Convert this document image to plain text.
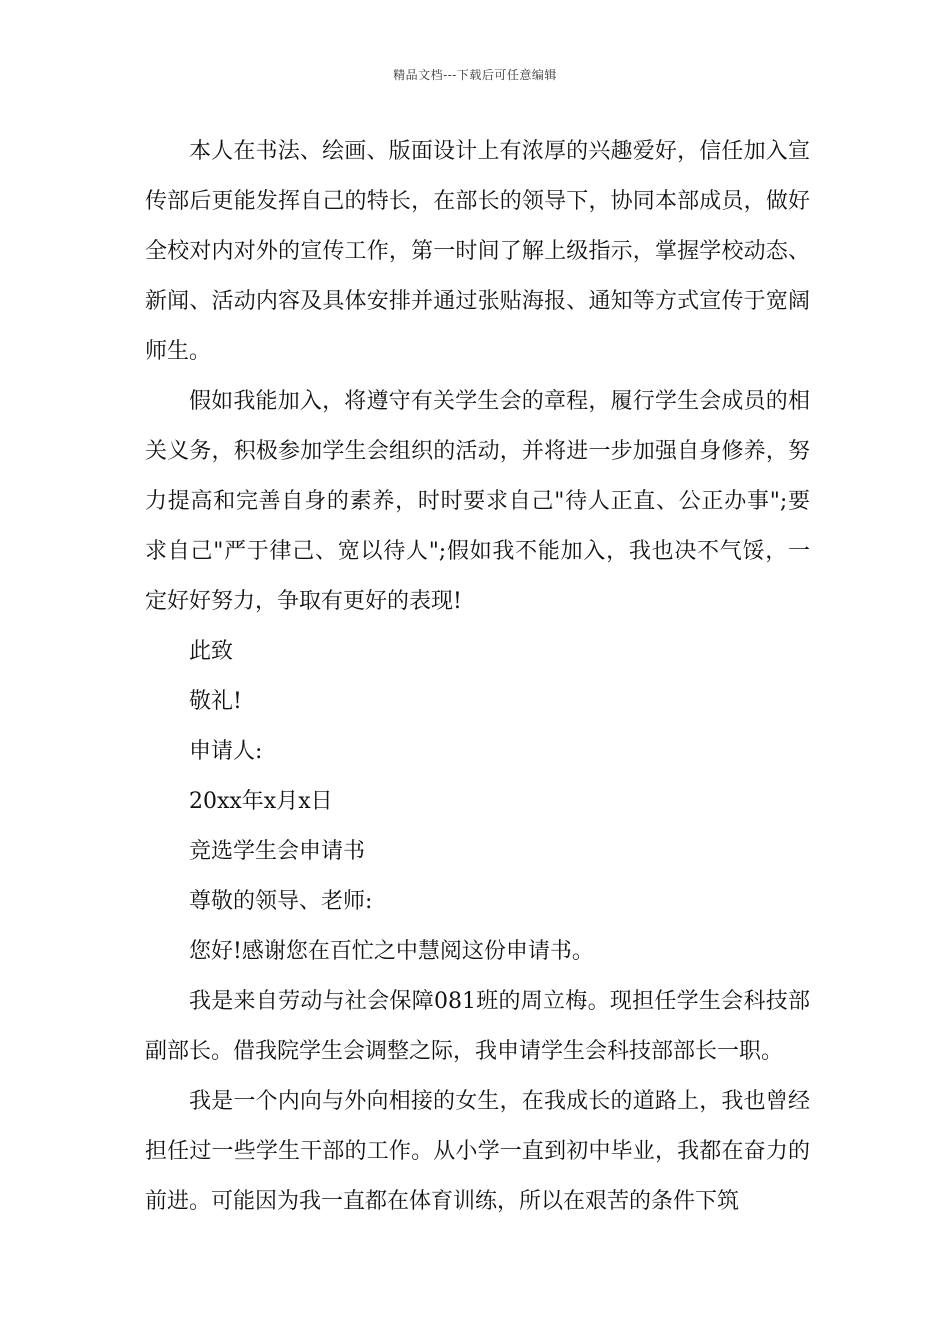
精品文档---下载后可任意编辑

本人在书法、绘画、版面设计上有浓厚的兴趣爱好，信任加入宣传部后更能发挥自己的特长，在部长的领导下，协同本部成员，做好全校对内对外的宣传工作，第一时间了解上级指示，掌握学校动态、新闻、活动内容及具体安排并通过张贴海报、通知等方式宣传于宽阔师生。

假如我能加入，将遵守有关学生会的章程，履行学生会成员的相关义务，积极参加学生会组织的活动，并将进一步加强自身修养，努力提高和完善自身的素养，时时要求自己"待人正直、公正办事";要求自己"严于律己、宽以待人";假如我不能加入，我也决不气馁，一定好好努力，争取有更好的表现!

此致

敬礼!

申请人:

20xx年x月x日

竞选学生会申请书

尊敬的领导、老师:

您好!感谢您在百忙之中慧阅这份申请书。

我是来自劳动与社会保障081班的周立梅。现担任学生会科技部副部长。借我院学生会调整之际，我申请学生会科技部部长一职。

我是一个内向与外向相接的女生，在我成长的道路上，我也曾经担任过一些学生干部的工作。从小学一直到初中毕业，我都在奋力的前进。可能因为我一直都在体育训练，所以在艰苦的条件下筑
